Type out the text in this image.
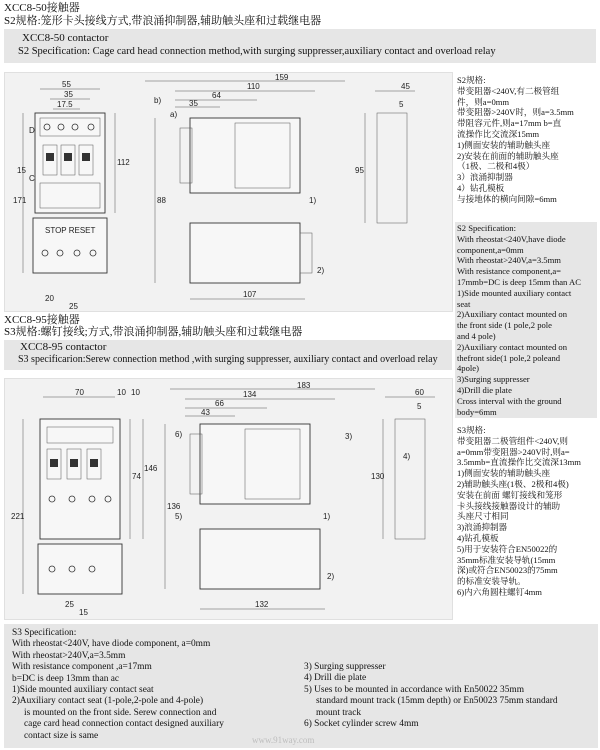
XCC8-50接触器
S2规格:笼形卡头接线方式,带浪涌抑制器,辅助触头座和过载继电器
XCC8-50 contactor
S2 Specification: Cage card head connection method,with surging suppresser,auxiliary contact and overload relay
55
35
17.5
STOP RESET
171
112
20
25
15
D
C
159
110
64
35
b)
a)
88
107
1)
2)
45
5
95
S2规格:
带变阻器<240V,有二极管组
件，则a=0mm
带变阻器>240V时，则a=3.5mm
带阻容元件,则a=17mm b=直
流操作比交流深15mm
1)侧面安装的辅助触头座
2)安装在前面的辅助触头座
（1极、二极和4极）
3）浪涌抑制器
4）钻孔模板
与接地体的横向间隙=6mm
S2 Specification:
With rheostat<240V,have diode
component,a=0mm
With rheostat>240V,a=3.5mm
With resistance component,a=
17mmb=DC is deep 15mm than AC
1)Side mounted auxiliary contact
seat
2)Auxiliary contact mounted on
the front side (1 pole,2 pole
and 4 pole)
2)Auxiliary contact mounted on
thefront side(1 pole,2 poleand
4pole)
3)Surging suppresser
4)Drill die plate
Cross interval with the ground
body=6mm
XCC8-95接触器
S3规格:螺钉接线;方式,带浪涌抑制器,辅助触头座和过载继电器
XCC8-95 contactor
S3 specificarion:Serew connection method ,with surging suppresser, auxiliary contact and overload relay
70	10 10
221
74
146
25
15
183
134
66
43
136
132
6)
5)
3)
1)
2)
60
5
130
4)
S3规格:
带变阻器二极管组件<240V,则
a=0mm带变阻器>240V时,则a=
3.5mmb=直流操作比交流深13mm
1)侧面安装的辅助触头座
2)辅助触头座(1极、2极和4极)
安装在前面 螺钉接线和笼形
卡头接线接触器设计的辅助
头座尺寸相同
3)浪涌抑制器
4)钻孔模板
5)用于安装符合EN50022的
35mm标准安装导轨(15mm
深)或符合EN50023的75mm
的标准安装导轨。
6)内六角圆柱螺钉4mm
S3 Specification:
With rheostat<240V, have diode component, a=0mm
With rheostat>240V,a=3.5mm
With resistance component ,a=17mm
b=DC is deep 13mm than ac
1)Side mounted auxiliary contact seat
2)Auxiliary contact seat (1-pole,2-pole and 4-pole)
is mounted on the front side. Serew connection and
cage card head connection contact designed auxiliary
contact size is same
3) Surging suppresser
4) Drill die plate
5) Uses to be mounted in accordance with En50022 35mm
standard mount track (15mm depth) or En50023 75mm standard
mount track
6) Socket cylinder screw 4mm
www.91way.com
